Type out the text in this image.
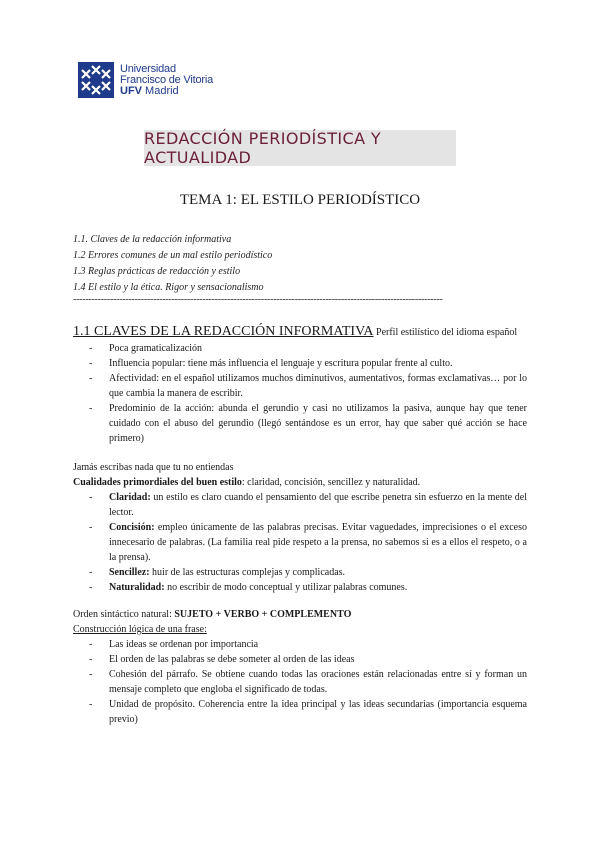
Universidad
Francisco de Vitoria
UFV Madrid
REDACCIÓN PERIODÍSTICA Y ACTUALIDAD
TEMA 1: EL ESTILO PERIODÍSTICO
1.1. Claves de la redacción informativa
1.2 Errores comunes de un mal estilo periodístico
1.3 Reglas prácticas de redacción y estilo
1.4 El estilo y la ética. Rigor y sensacionalismo
------------------------------------------------------------------------------------------------------------------------
1.1 CLAVES DE LA REDACCIÓN INFORMATIVA Perfil estilístico del idioma español
- Poca gramaticalización
- Influencia popular: tiene más influencia el lenguaje y escritura popular frente al culto.
- Afectividad: en el español utilizamos muchos diminutivos, aumentativos, formas exclamativas… por lo que cambia la manera de escribir.
- Predominio de la acción: abunda el gerundio y casi no utilizamos la pasiva, aunque hay que tener cuidado con el abuso del gerundio (llegó sentándose es un error, hay que saber qué acción se hace primero)

Jamás escribas nada que tu no entiendas

Cualidades primordiales del buen estilo: claridad, concisión, sencillez y naturalidad.

- Claridad: un estilo es claro cuando el pensamiento del que escribe penetra sin esfuerzo en la mente del lector.
- Concisión: empleo únicamente de las palabras precisas. Evitar vaguedades, imprecisiones o el exceso innecesario de palabras. (La familia real pide respeto a la prensa, no sabemos si es a ellos el respeto, o a la prensa).
- Sencillez: huir de las estructuras complejas y complicadas.
- Naturalidad: no escribir de modo conceptual y utilizar palabras comunes.

Orden sintáctico natural: SUJETO + VERBO + COMPLEMENTO

Construcción lógica de una frase:

- Las ideas se ordenan por importancia
- El orden de las palabras se debe someter al orden de las ideas
- Cohesión del párrafo. Se obtiene cuando todas las oraciones están relacionadas entre sí y forman un mensaje completo que engloba el significado de todas.
- Unidad de propósito. Coherencia entre la idea principal y las ideas secundarias (importancia esquema previo)
